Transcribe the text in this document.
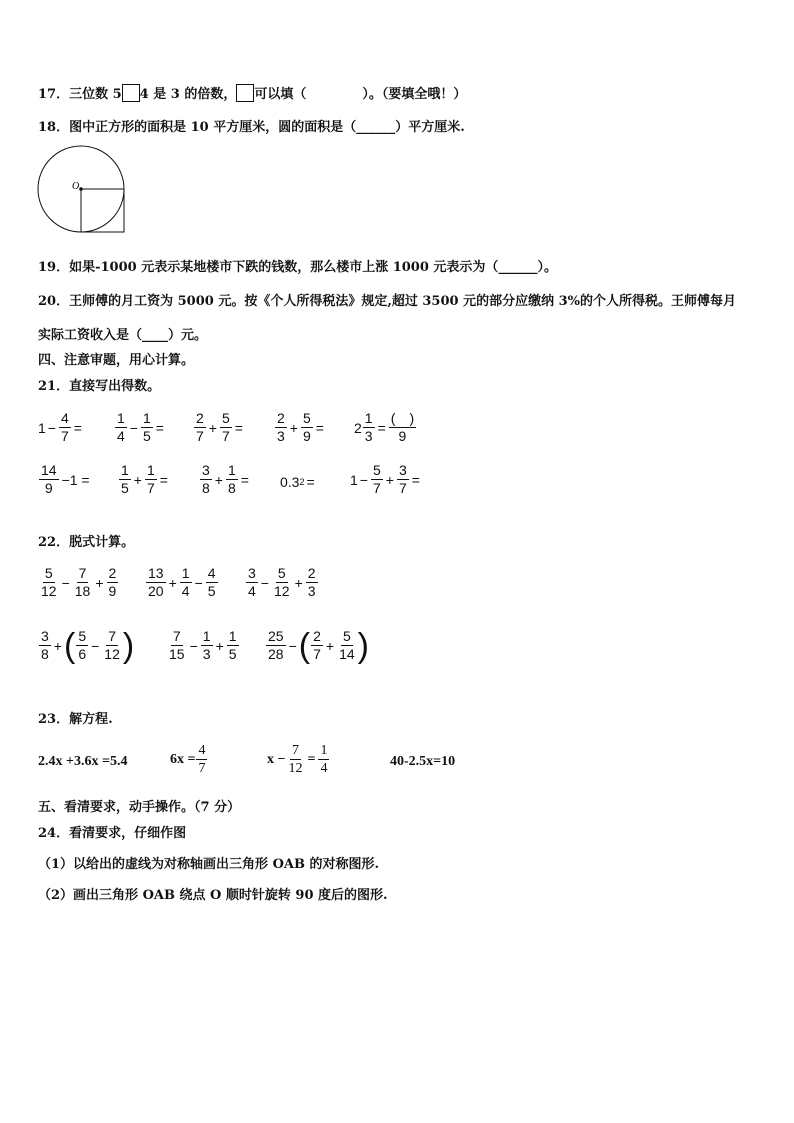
17．三位数 5 4 是 3 的倍数， 可以填（	）。（要填全哦！）
18．图中正方形的面积是 10 平方厘米，圆的面积是（______）平方厘米.
O
19．如果-1000 元表示某地楼市下跌的钱数，那么楼市上涨 1000 元表示为（______）。
20．王师傅的月工资为 5000 元。按《个人所得税法》规定,超过 3500 元的部分应缴纳 3%的个人所得税。王师傅每月
实际工资收入是（____）元。
四、注意审题，用心计算。
21．直接写出得数。
$1 - \frac{4}{7} = \frac{1}{4} - \frac{1}{5} = \frac{2}{7} + \frac{5}{7} = \frac{2}{3} + \frac{5}{9} = 2 \frac{1}{3} = \frac{( )}{9}$
$\frac{14}{9} -1 = \frac{1}{5} + \frac{1}{7} = \frac{3}{8} + \frac{1}{8} = 0.3$ 2 =	$1 - \frac{5}{7} + \frac{3}{7}$ =
22．脱式计算。
$\frac{5}{12} - \frac{7}{18} + \frac{2}{9} \frac{13}{20} + \frac{1}{4} - \frac{4}{5} \frac{3}{4} - \frac{5}{12} + \frac{2}{3}$
$\frac{3}{8}$ + ( $\frac{5}{6} - \frac{7}{12}$ ) $\frac{7}{15} - \frac{1}{3} + \frac{1}{5} \frac{25}{28}$ − ( $\frac{2}{7} + \frac{5}{14}$ )
23．解方程.
2.4x +3.6x =5.4	$6x = \frac{4}{7}$	$x - \frac{7}{12} = \frac{1}{4}$	40-2.5x=10
五、看清要求，动手操作。（7 分）
24．看清要求，仔细作图
（1）以给出的虚线为对称轴画出三角形 OAB 的对称图形.
（2）画出三角形 OAB 绕点 O 顺时针旋转 90 度后的图形.
